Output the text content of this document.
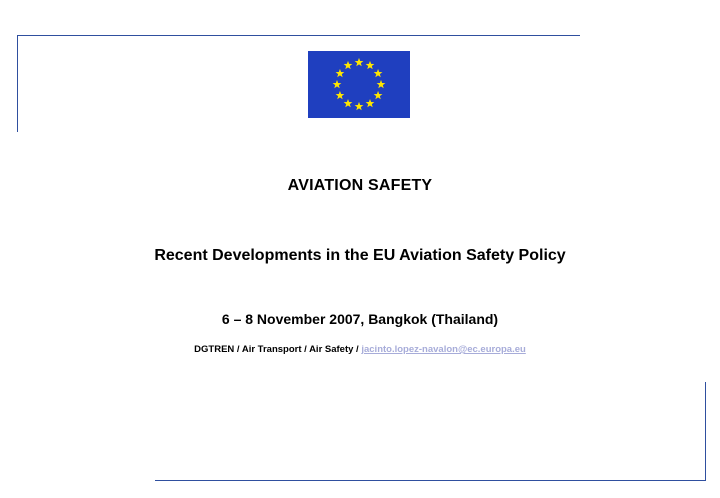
AVIATION SAFETY
Recent Developments in the EU Aviation Safety Policy
6 – 8 November 2007, Bangkok (Thailand)
DGTREN / Air Transport / Air Safety / jacinto.lopez-navalon@ec.europa.eu
